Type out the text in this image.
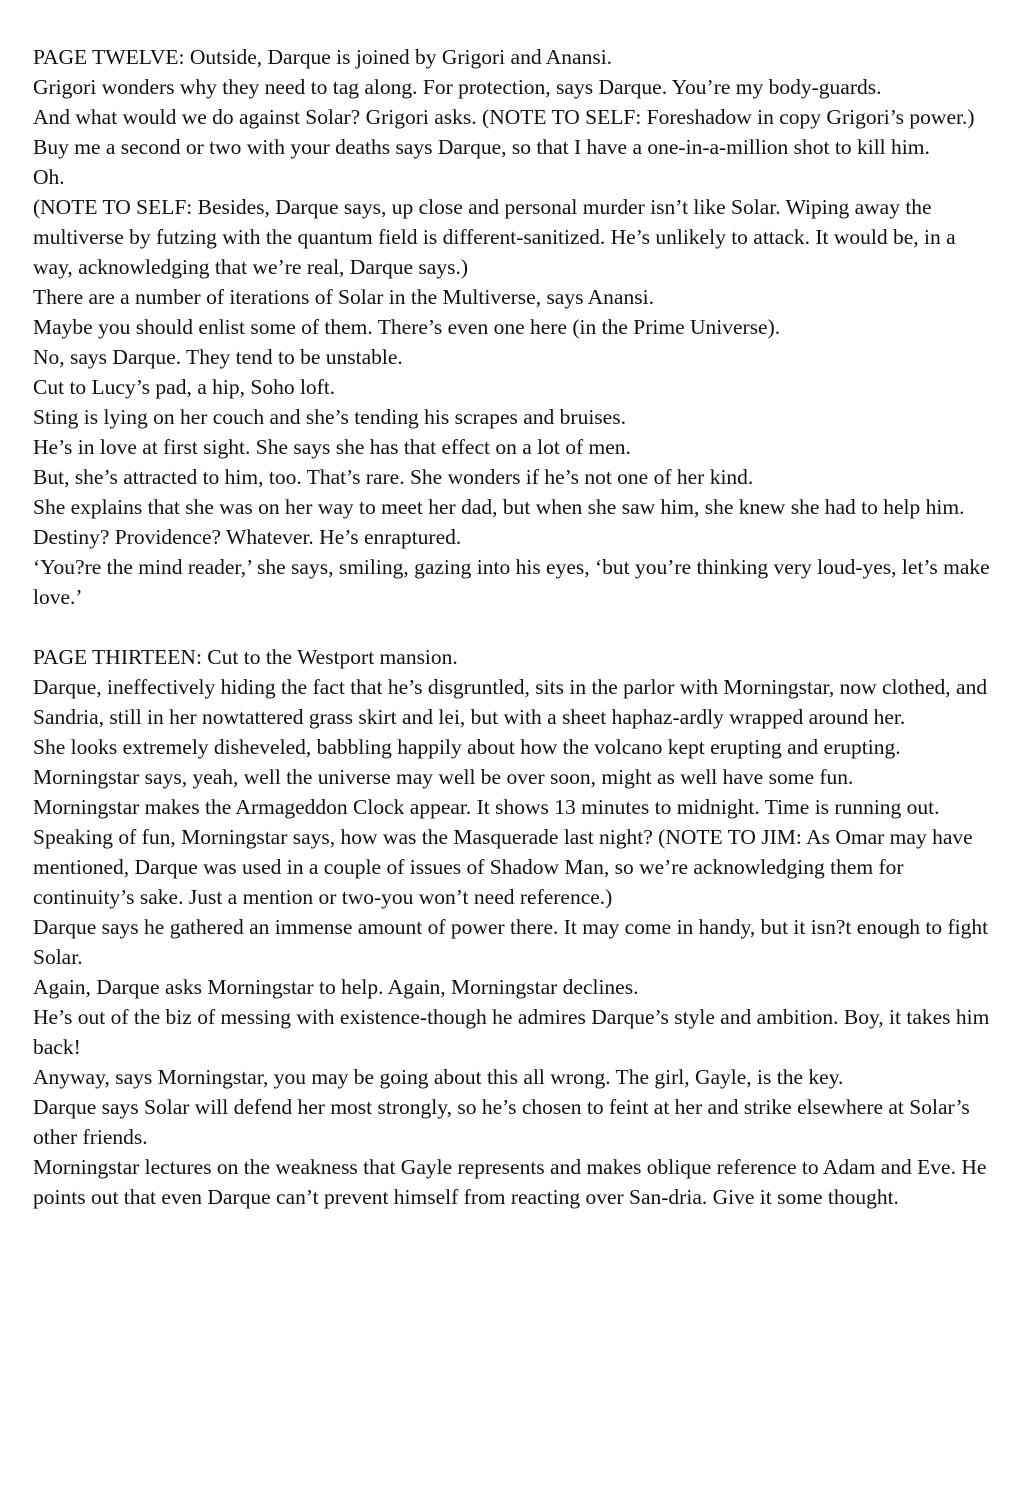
PAGE TWELVE: Outside, Darque is joined by Grigori and Anansi.

Grigori wonders why they need to tag along. For protection, says Darque. You’re my body-guards.

And what would we do against Solar? Grigori asks. (NOTE TO SELF: Foreshadow in copy Grigori’s power.)

Buy me a second or two with your deaths says Darque, so that I have a one-in-a-million shot to kill him.

Oh.

(NOTE TO SELF: Besides, Darque says, up close and personal murder isn’t like Solar. Wiping away the multiverse by futzing with the quantum field is different-sanitized. He’s unlikely to attack. It would be, in a way, acknowledging that we’re real, Darque says.)

There are a number of iterations of Solar in the Multiverse, says Anansi.

Maybe you should enlist some of them. There’s even one here (in the Prime Universe).

No, says Darque. They tend to be unstable.

Cut to Lucy’s pad, a hip, Soho loft.

Sting is lying on her couch and she’s tending his scrapes and bruises.

He’s in love at first sight. She says she has that effect on a lot of men.

But, she’s attracted to him, too. That’s rare. She wonders if he’s not one of her kind.

She explains that she was on her way to meet her dad, but when she saw him, she knew she had to help him.

Destiny? Providence? Whatever. He’s enraptured.

‘You?re the mind reader,’ she says, smiling, gazing into his eyes, ‘but you’re thinking very loud-yes, let’s make love.’

PAGE THIRTEEN: Cut to the Westport mansion.

Darque, ineffectively hiding the fact that he’s disgruntled, sits in the parlor with Morningstar, now clothed, and Sandria, still in her nowtattered grass skirt and lei, but with a sheet haphaz-ardly wrapped around her.

She looks extremely disheveled, babbling happily about how the volcano kept erupting and erupting.

Morningstar says, yeah, well the universe may well be over soon, might as well have some fun.

Morningstar makes the Armageddon Clock appear. It shows 13 minutes to midnight. Time is running out.

Speaking of fun, Morningstar says, how was the Masquerade last night? (NOTE TO JIM: As Omar may have mentioned, Darque was used in a couple of issues of Shadow Man, so we’re acknowledging them for continuity’s sake. Just a mention or two-you won’t need reference.)

Darque says he gathered an immense amount of power there. It may come in handy, but it isn?t enough to fight Solar.

Again, Darque asks Morningstar to help. Again, Morningstar declines.

He’s out of the biz of messing with existence-though he admires Darque’s style and ambition. Boy, it takes him back!

Anyway, says Morningstar, you may be going about this all wrong. The girl, Gayle, is the key.

Darque says Solar will defend her most strongly, so he’s chosen to feint at her and strike elsewhere at Solar’s other friends.

Morningstar lectures on the weakness that Gayle represents and makes oblique reference to Adam and Eve. He points out that even Darque can’t prevent himself from reacting over San-dria. Give it some thought.
